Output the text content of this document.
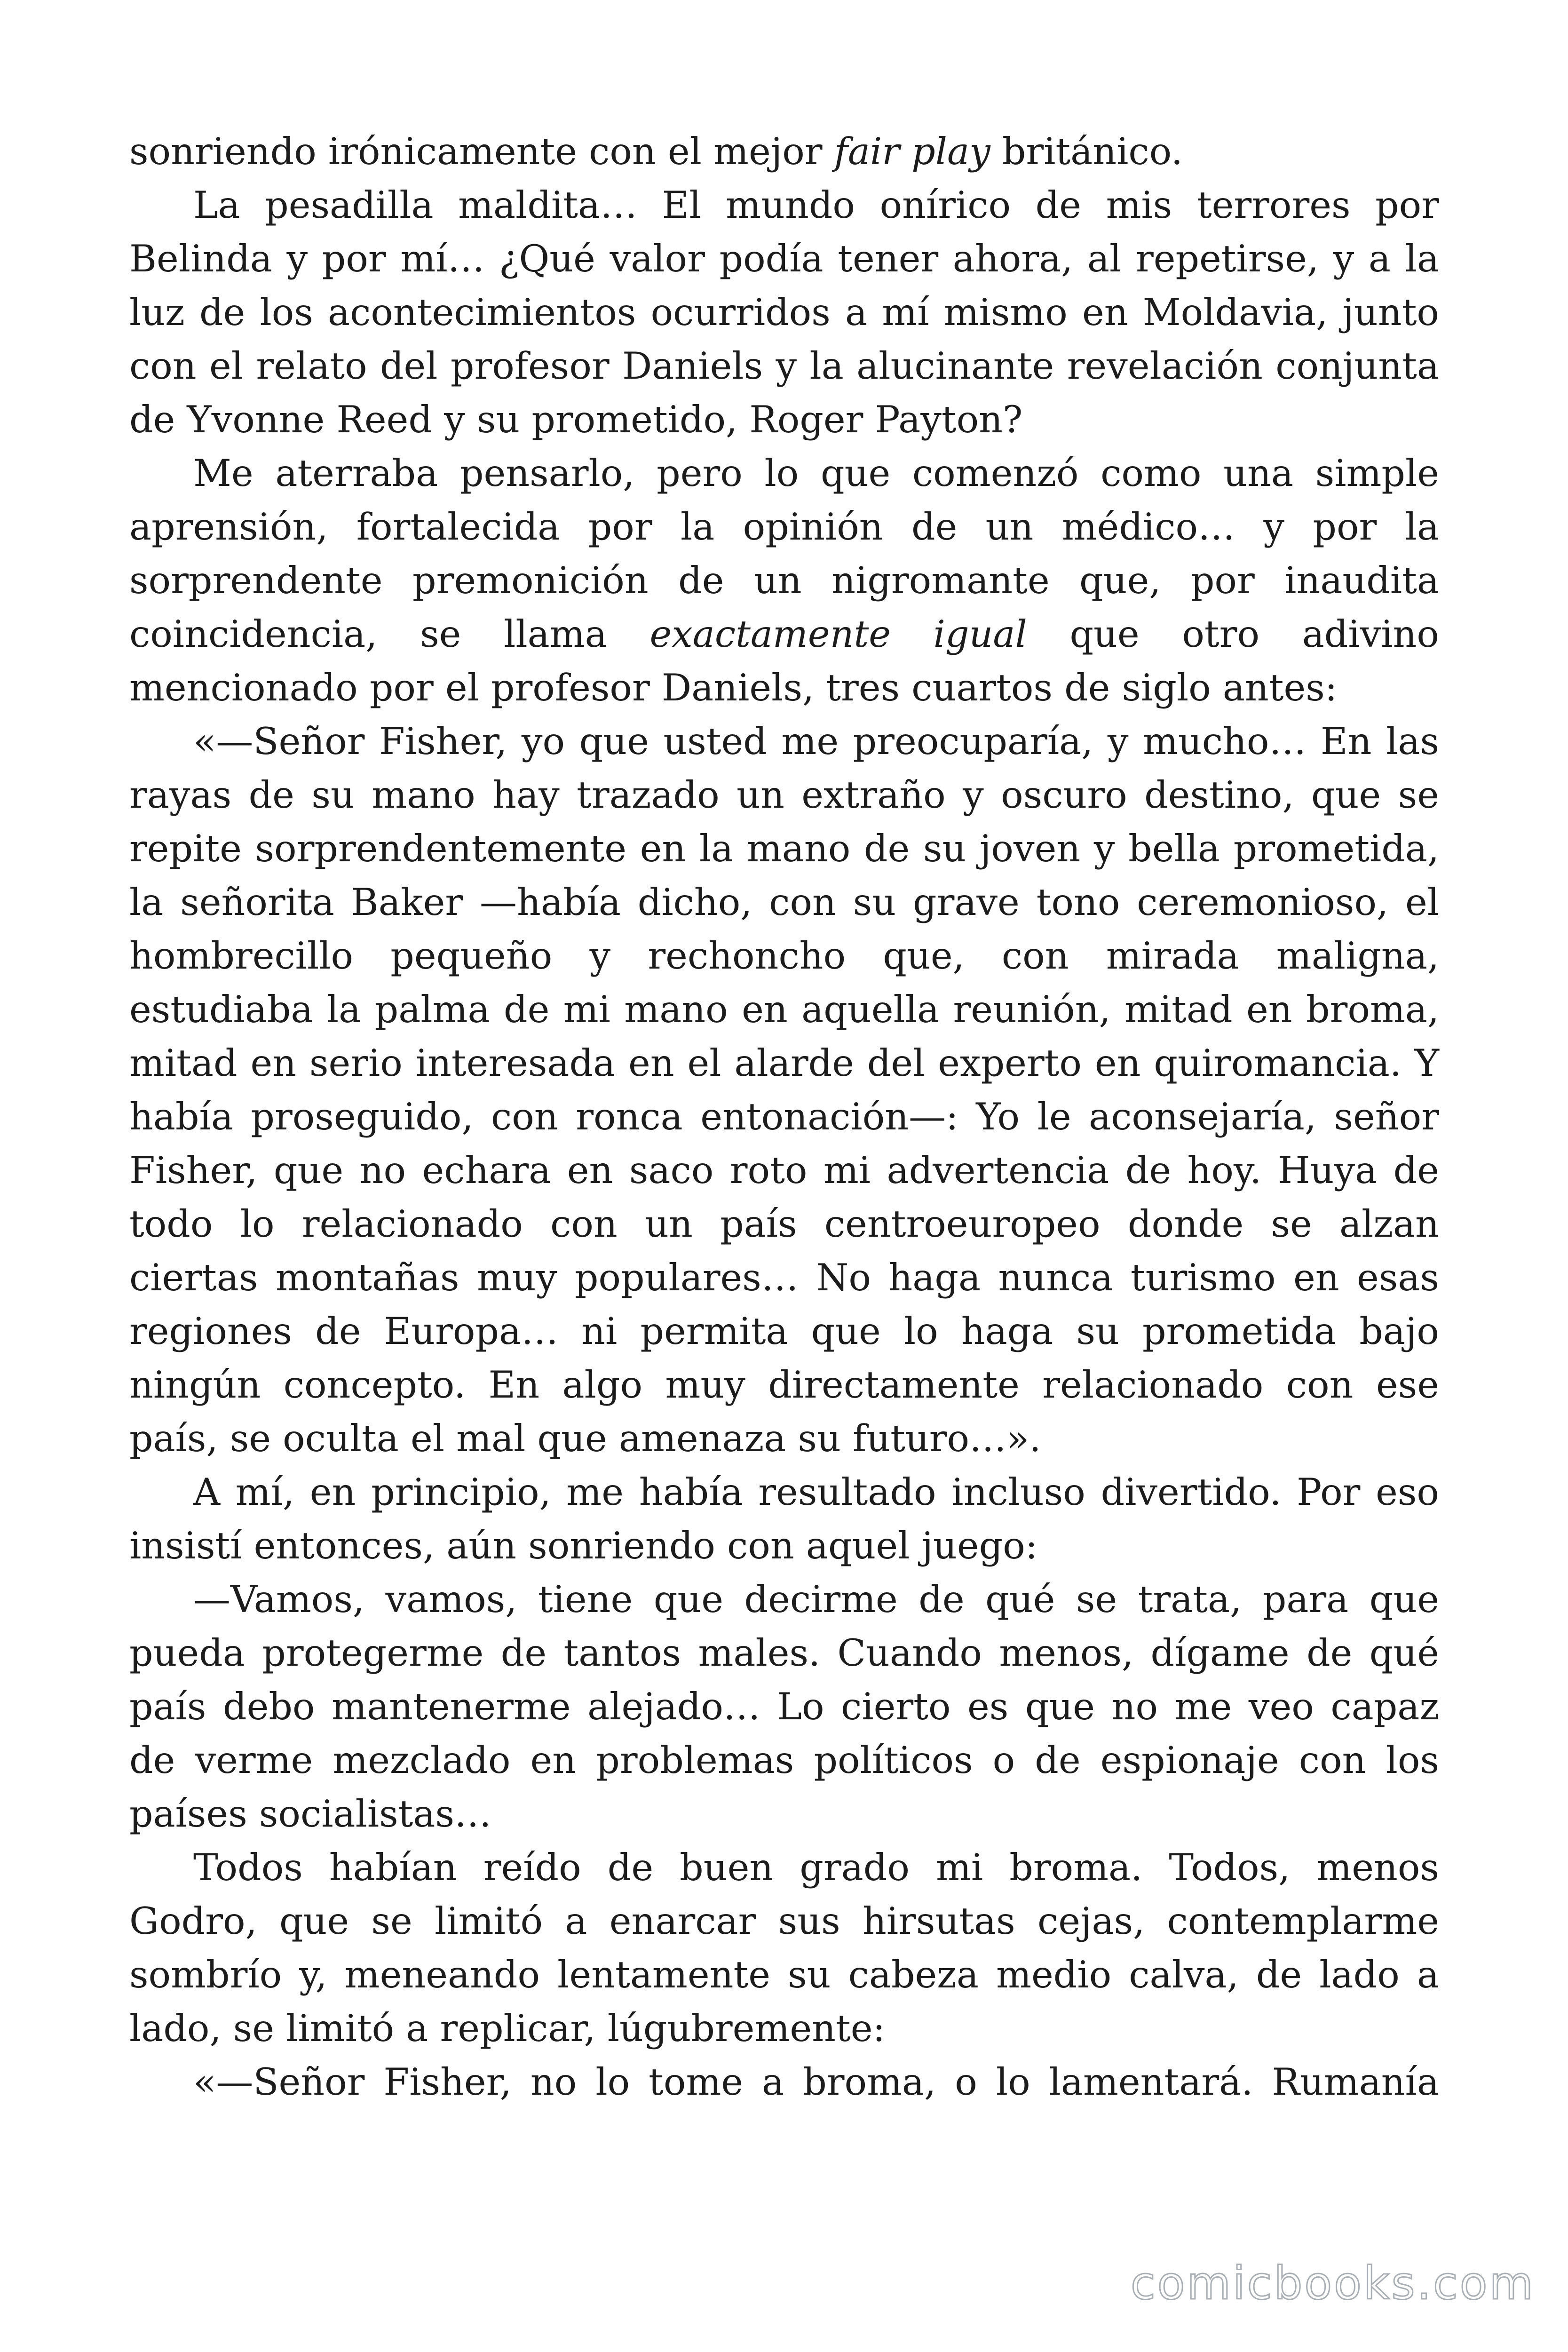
sonriendo irónicamente con el mejor fair play británico.

La pesadilla maldita… El mundo onírico de mis terrores por Belinda y por mí… ¿Qué valor podía tener ahora, al repetirse, y a la luz de los acontecimientos ocurridos a mí mismo en Moldavia, junto con el relato del profesor Daniels y la alucinante revelación conjunta de Yvonne Reed y su prometido, Roger Payton?

Me aterraba pensarlo, pero lo que comenzó como una simple aprensión, fortalecida por la opinión de un médico… y por la sorprendente premonición de un nigromante que, por inaudita coincidencia, se llama exactamente igual que otro adivino mencionado por el profesor Daniels, tres cuartos de siglo antes:

«—Señor Fisher, yo que usted me preocuparía, y mucho… En las rayas de su mano hay trazado un extraño y oscuro destino, que se repite sorprendentemente en la mano de su joven y bella prometida, la señorita Baker —había dicho, con su grave tono ceremonioso, el hombrecillo pequeño y rechoncho que, con mirada maligna, estudiaba la palma de mi mano en aquella reunión, mitad en broma, mitad en serio interesada en el alarde del experto en quiromancia. Y había proseguido, con ronca entonación—: Yo le aconsejaría, señor Fisher, que no echara en saco roto mi advertencia de hoy. Huya de todo lo relacionado con un país centroeuropeo donde se alzan ciertas montañas muy populares… No haga nunca turismo en esas regiones de Europa… ni permita que lo haga su prometida bajo ningún concepto. En algo muy directamente relacionado con ese país, se oculta el mal que amenaza su futuro…».

A mí, en principio, me había resultado incluso divertido. Por eso insistí entonces, aún sonriendo con aquel juego:

—Vamos, vamos, tiene que decirme de qué se trata, para que pueda protegerme de tantos males. Cuando menos, dígame de qué país debo mantenerme alejado… Lo cierto es que no me veo capaz de verme mezclado en problemas políticos o de espionaje con los países socialistas…

Todos habían reído de buen grado mi broma. Todos, menos Godro, que se limitó a enarcar sus hirsutas cejas, contemplarme sombrío y, meneando lentamente su cabeza medio calva, de lado a lado, se limitó a replicar, lúgubremente:

«—Señor Fisher, no lo tome a broma, o lo lamentará. Rumanía

comicbooks.com
